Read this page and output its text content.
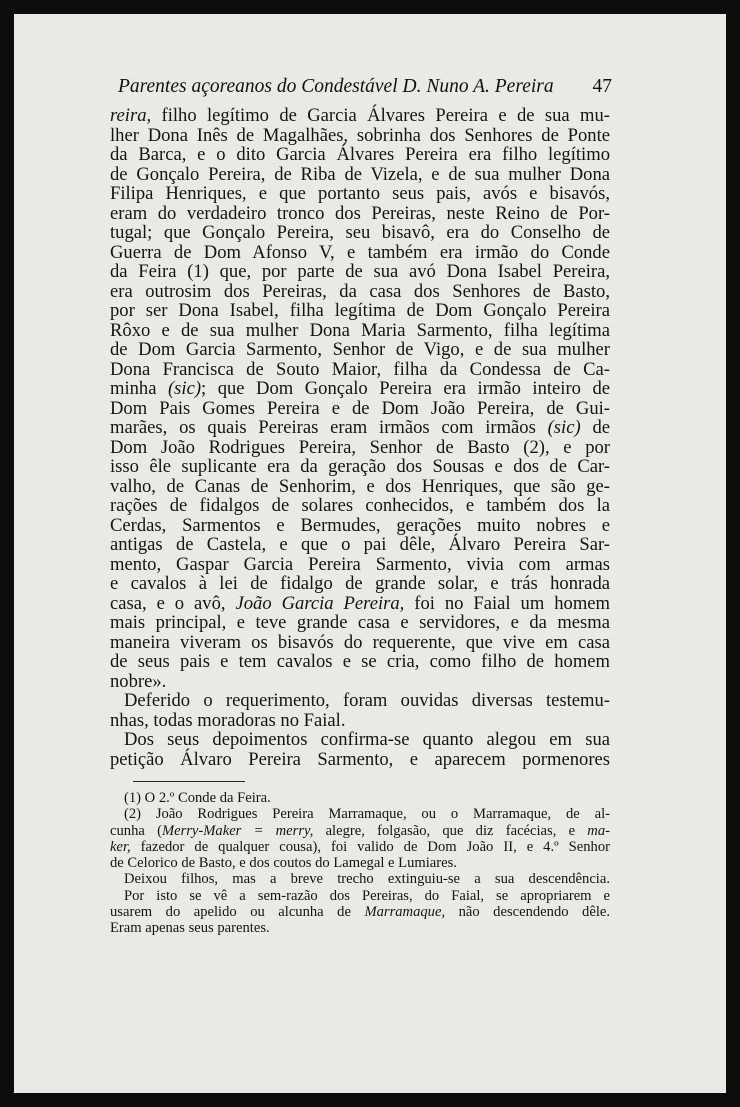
Parentes açoreanos do Condestável D. Nuno A. Pereira 47

reira, filho legítimo de Garcia Álvares Pereira e de sua mu-

lher Dona Inês de Magalhães, sobrinha dos Senhores de Ponte

da Barca, e o dito Garcia Álvares Pereira era filho legítimo

de Gonçalo Pereira, de Riba de Vizela, e de sua mulher Dona

Filipa Henriques, e que portanto seus pais, avós e bisavós,

eram do verdadeiro tronco dos Pereiras, neste Reino de Por-

tugal; que Gonçalo Pereira, seu bisavô, era do Conselho de

Guerra de Dom Afonso V, e também era irmão do Conde

da Feira (1) que, por parte de sua avó Dona Isabel Pereira,

era outrosim dos Pereiras, da casa dos Senhores de Basto,

por ser Dona Isabel, filha legítima de Dom Gonçalo Pereira

Rôxo e de sua mulher Dona Maria Sarmento, filha legítima

de Dom Garcia Sarmento, Senhor de Vigo, e de sua mulher

Dona Francisca de Souto Maior, filha da Condessa de Ca-

minha (sic); que Dom Gonçalo Pereira era irmão inteiro de

Dom Pais Gomes Pereira e de Dom João Pereira, de Gui-

marães, os quais Pereiras eram irmãos com irmãos (sic) de

Dom João Rodrigues Pereira, Senhor de Basto (2), e por

isso êle suplicante era da geração dos Sousas e dos de Car-

valho, de Canas de Senhorim, e dos Henriques, que são ge-

rações de fidalgos de solares conhecidos, e também dos la

Cerdas, Sarmentos e Bermudes, gerações muito nobres e

antigas de Castela, e que o pai dêle, Álvaro Pereira Sar-

mento, Gaspar Garcia Pereira Sarmento, vivia com armas

e cavalos à lei de fidalgo de grande solar, e trás honrada

casa, e o avô, João Garcia Pereira, foi no Faial um homem

mais principal, e teve grande casa e servidores, e da mesma

maneira viveram os bisavós do requerente, que vive em casa

de seus pais e tem cavalos e se cria, como filho de homem

nobre».

Deferido o requerimento, foram ouvidas diversas testemu-

nhas, todas moradoras no Faial.

Dos seus depoimentos confirma-se quanto alegou em sua

petição Álvaro Pereira Sarmento, e aparecem pormenores

(1) O 2.º Conde da Feira.

(2) João Rodrigues Pereira Marramaque, ou o Marramaque, de al-

cunha (Merry-Maker = merry, alegre, folgasão, que diz facécias, e ma-

ker, fazedor de qualquer cousa), foi valido de Dom João II, e 4.º Senhor

de Celorico de Basto, e dos coutos do Lamegal e Lumiares.

Deixou filhos, mas a breve trecho extinguiu-se a sua descendência.

Por isto se vê a sem-razão dos Pereiras, do Faial, se apropriarem e

usarem do apelido ou alcunha de Marramaque, não descendendo dêle.

Eram apenas seus parentes.
